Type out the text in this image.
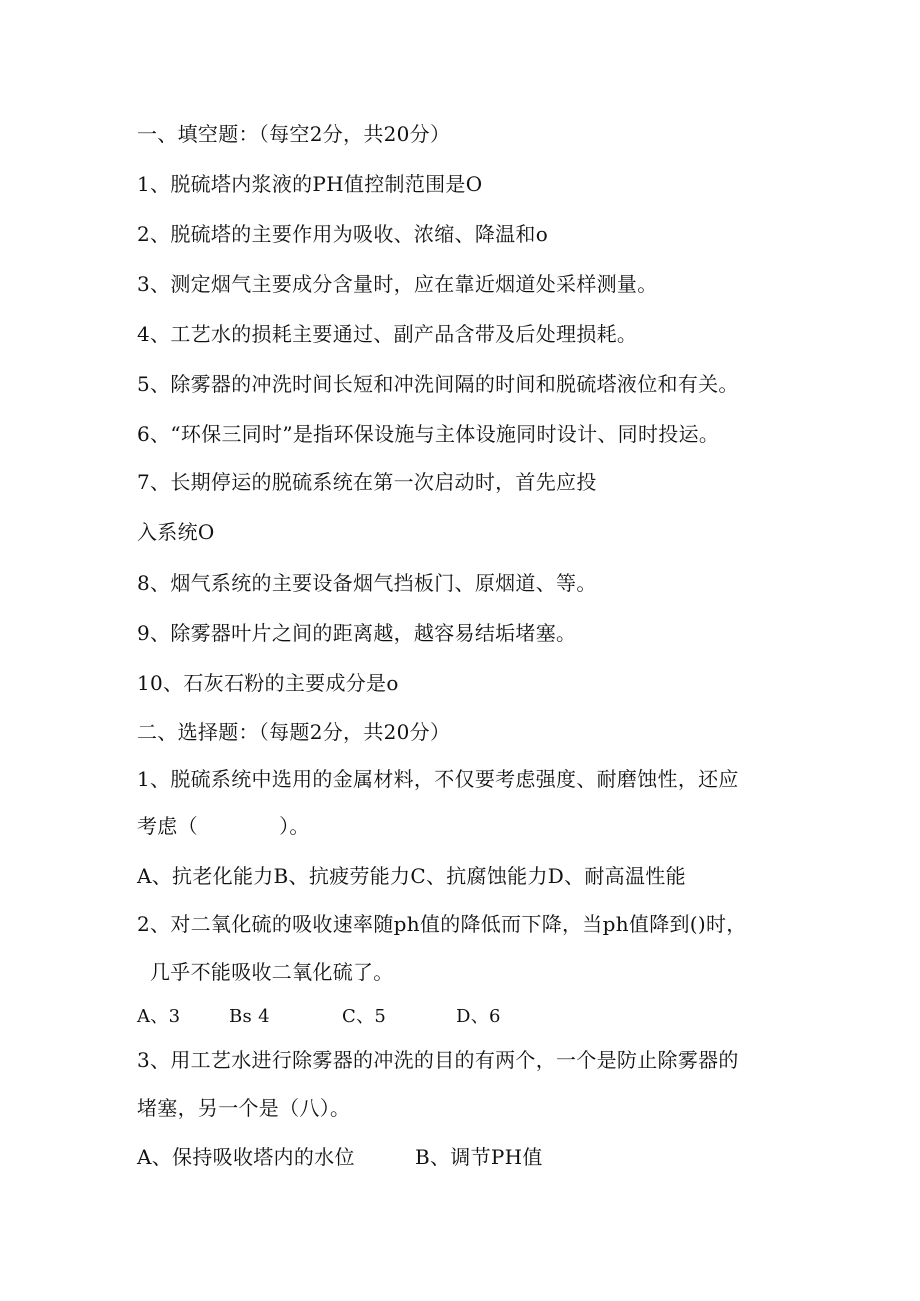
一、填空题：（每空2分，共20分）
1、脱硫塔内浆液的PH值控制范围是O
2、脱硫塔的主要作用为吸收、浓缩、降温和o
3、测定烟气主要成分含量时，应在靠近烟道处采样测量。
4、工艺水的损耗主要通过、副产品含带及后处理损耗。
5、除雾器的冲洗时间长短和冲洗间隔的时间和脱硫塔液位和有关。
6、“环保三同时”是指环保设施与主体设施同时设计、同时投运。
7、长期停运的脱硫系统在第一次启动时，首先应投
入系统O
8、烟气系统的主要设备烟气挡板门、原烟道、等。
9、除雾器叶片之间的距离越，越容易结垢堵塞。
10、石灰石粉的主要成分是o
二、选择题：（每题2分，共20分）
1、脱硫系统中选用的金属材料，不仅要考虑强度、耐磨蚀性，还应
考虑（　　　　）。
A、抗老化能力B、抗疲劳能力C、抗腐蚀能力D、耐高温性能
2、对二氧化硫的吸收速率随ph值的降低而下降，当ph值降到()时，
几乎不能吸收二氧化硫了。
A、3	Bs 4	C、5	D、6
3、用工艺水进行除雾器的冲洗的目的有两个，一个是防止除雾器的
堵塞，另一个是（八）。
A、保持吸收塔内的水位	B、调节PH值
